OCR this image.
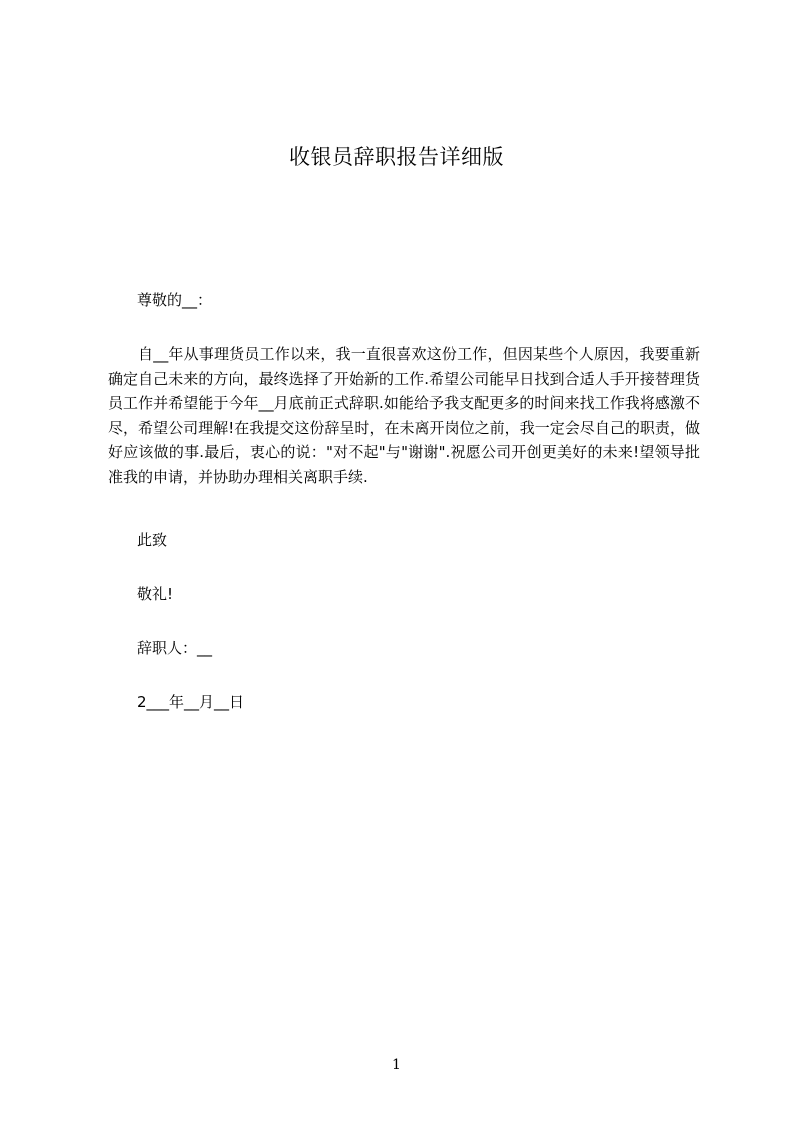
收银员辞职报告详细版
尊敬的__：
自__年从事理货员工作以来，我一直很喜欢这份工作，但因某些个人原因，我要重新确定自己未来的方向，最终选择了开始新的工作.希望公司能早日找到合适人手开接替理货员工作并希望能于今年__月底前正式辞职.如能给予我支配更多的时间来找工作我将感激不尽，希望公司理解!在我提交这份辞呈时，在未离开岗位之前，我一定会尽自己的职责，做好应该做的事.最后，衷心的说："对不起"与"谢谢".祝愿公司开创更美好的未来!望领导批准我的申请，并协助办理相关离职手续.
此致
敬礼!
辞职人：__
2___年__月__日
1
